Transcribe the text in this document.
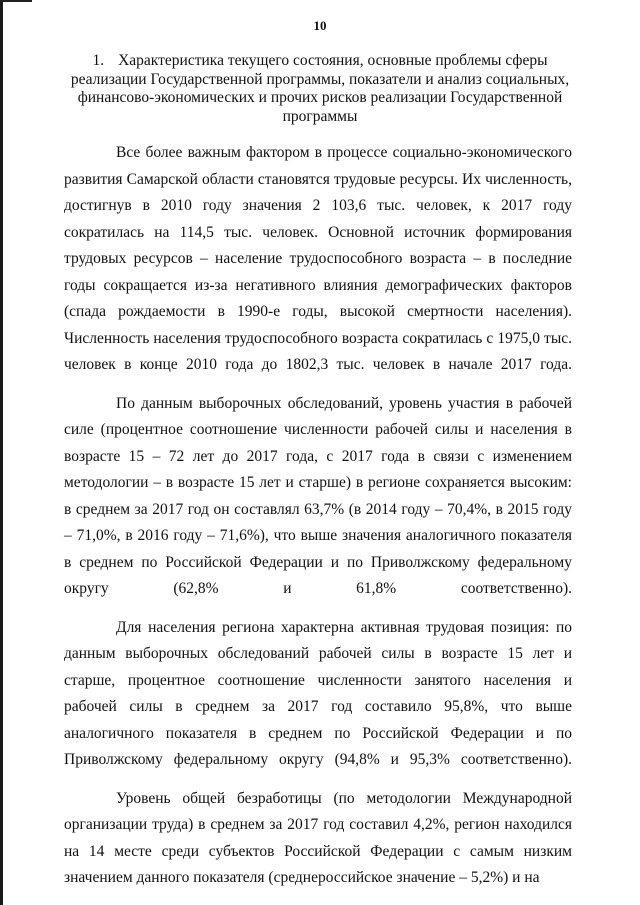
10
1. Характеристика текущего состояния, основные проблемы сферы реализации Государственной программы, показатели и анализ социальных, финансово-экономических и прочих рисков реализации Государственной программы

Все более важным фактором в процессе социально-экономического развития Самарской области становятся трудовые ресурсы. Их численность, достигнув в 2010 году значения 2 103,6 тыс. человек, к 2017 году сократилась на 114,5 тыс. человек. Основной источник формирования трудовых ресурсов – население трудоспособного возраста – в последние годы сокращается из-за негативного влияния демографических факторов (спада рождаемости в 1990-е годы, высокой смертности населения). Численность населения трудоспособного возраста сократилась с 1975,0 тыс. человек в конце 2010 года до 1802,3 тыс. человек в начале 2017 года.

По данным выборочных обследований, уровень участия в рабочей силе (процентное соотношение численности рабочей силы и населения в возрасте 15 – 72 лет до 2017 года, с 2017 года в связи с изменением методологии – в возрасте 15 лет и старше) в регионе сохраняется высоким: в среднем за 2017 год он составлял 63,7% (в 2014 году – 70,4%, в 2015 году – 71,0%, в 2016 году – 71,6%), что выше значения аналогичного показателя в среднем по Российской Федерации и по Приволжскому федеральному округу (62,8% и 61,8% соответственно).

Для населения региона характерна активная трудовая позиция: по данным выборочных обследований рабочей силы в возрасте 15 лет и старше, процентное соотношение численности занятого населения и рабочей силы в среднем за 2017 год составило 95,8%, что выше аналогичного показателя в среднем по Российской Федерации и по Приволжскому федеральному округу (94,8% и 95,3% соответственно).

Уровень общей безработицы (по методологии Международной организации труда) в среднем за 2017 год составил 4,2%, регион находился на 14 месте среди субъектов Российской Федерации с самым низким значением данного показателя (среднероссийское значение – 5,2%) и на
